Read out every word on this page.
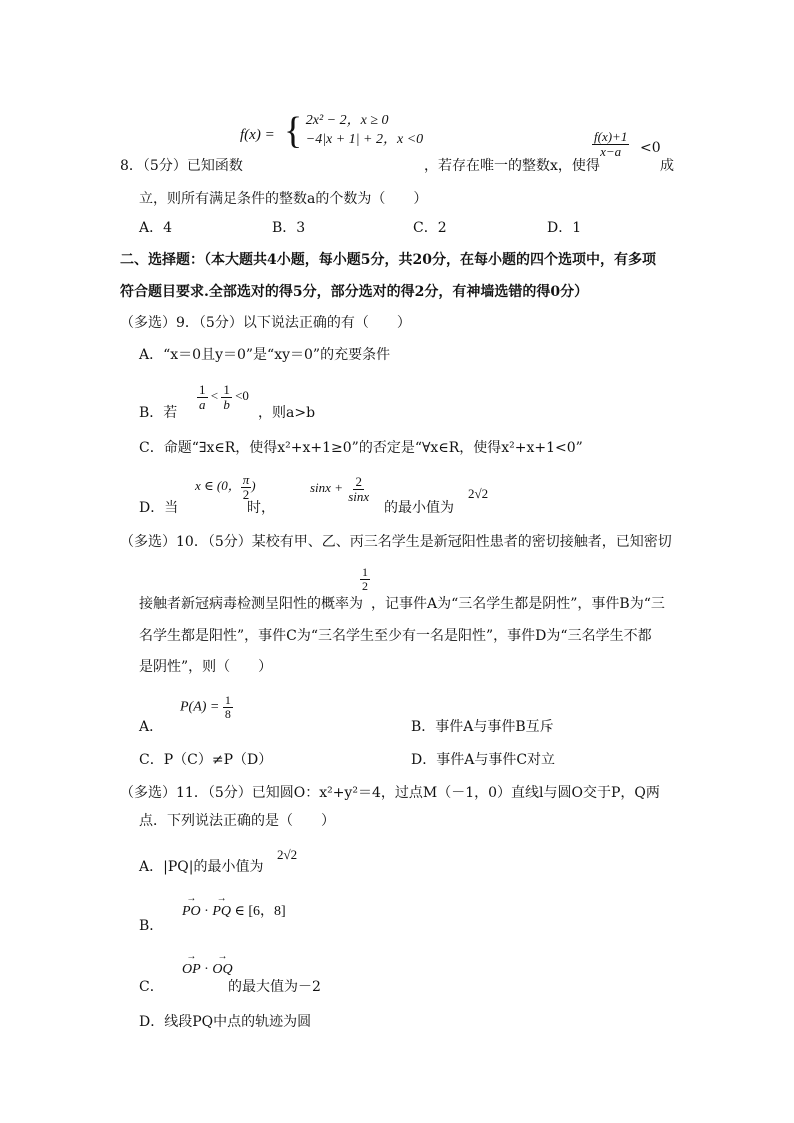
f(x) = { 2x² − 2，x ≥ 0
−4|x + 1| + 2，x <0
8．（5分）已知函数	，若存在唯一的整数x，使得
$\frac{f(x)+1}{x-a} <0$
成
立，则所有满足条件的整数a的个数为（　　）
A．4	B．3	C．2	D．1
二、选择题：（本大题共4小题，每小题5分，共20分，在每小题的四个选项中，有多项
符合题目要求.全部选对的得5分，部分选对的得2分，有神墙选错的得0分）
（多选）9．（5分）以下说法正确的有（　　）
A．“x＝0且y＝0”是“xy＝0”的充要条件
B．若
$\frac{1}{a} < \frac{1}{b} <0$
，则a>b
C．命题“∃x∈R，使得x²+x+1≥0”的否定是“∀x∈R，使得x²+x+1<0”
D．当
x ∈ (0， $\frac{\pi}{2}$ )
时，
$\sin x + \frac{2}{\sin x}$
的最小值为
2√2
（多选）10．（5分）某校有甲、乙、丙三名学生是新冠阳性患者的密切接触者，已知密切
接触者新冠病毒检测呈阳性的概率为
$\frac{1}{2}$
，记事件A为“三名学生都是阴性”，事件B为“三
名学生都是阳性”，事件C为“三名学生至少有一名是阳性”，事件D为“三名学生不都
是阴性”，则（　　）
A．
$P(A) = \frac{1}{8}$
B．事件A与事件B互斥
C．P（C）≠P（D）	D．事件A与事件C对立
（多选）11．（5分）已知圆O：x²+y²＝4，过点M（－1，0）直线l与圆O交于P，Q两
点．下列说法正确的是（　　）
A．|PQ|的最小值为
2√2
B．
→ PO · → PQ ∈ [6，8]
C．
→ OP · → OQ
的最大值为－2
D．线段PQ中点的轨迹为圆
